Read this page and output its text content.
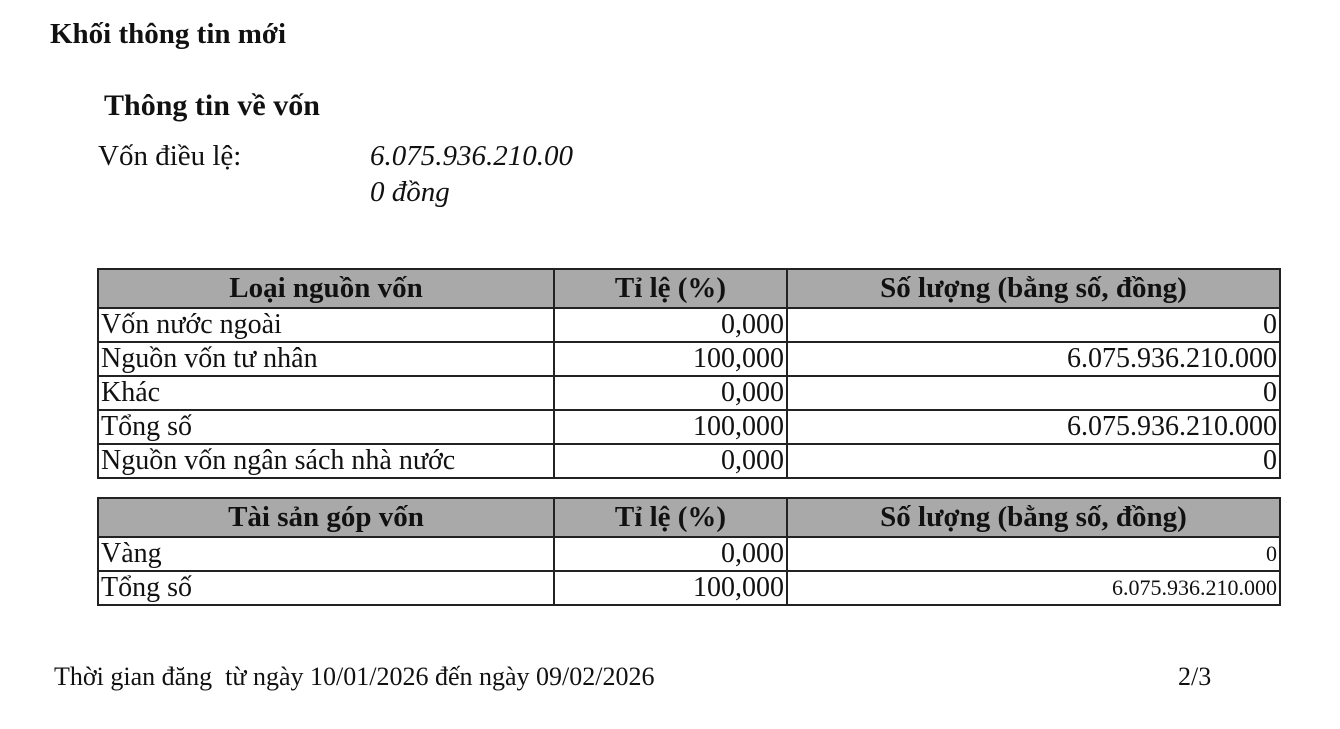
Khối thông tin mới
Thông tin về vốn
Vốn điều lệ:	6.075.936.210.00
0 đồng
Loại nguồn vốn	Tỉ lệ (%)	Số lượng (bằng số, đồng)
Vốn nước ngoài	0,000	0
Nguồn vốn tư nhân	100,000	6.075.936.210.000
Khác	0,000	0
Tổng số	100,000	6.075.936.210.000
Nguồn vốn ngân sách nhà nước	0,000	0
Tài sản góp vốn	Tỉ lệ (%)	Số lượng (bằng số, đồng)
Vàng	0,000	0
Tổng số	100,000	6.075.936.210.000
Thời gian đăng  từ ngày 10/01/2026 đến ngày 09/02/2026	2/3
